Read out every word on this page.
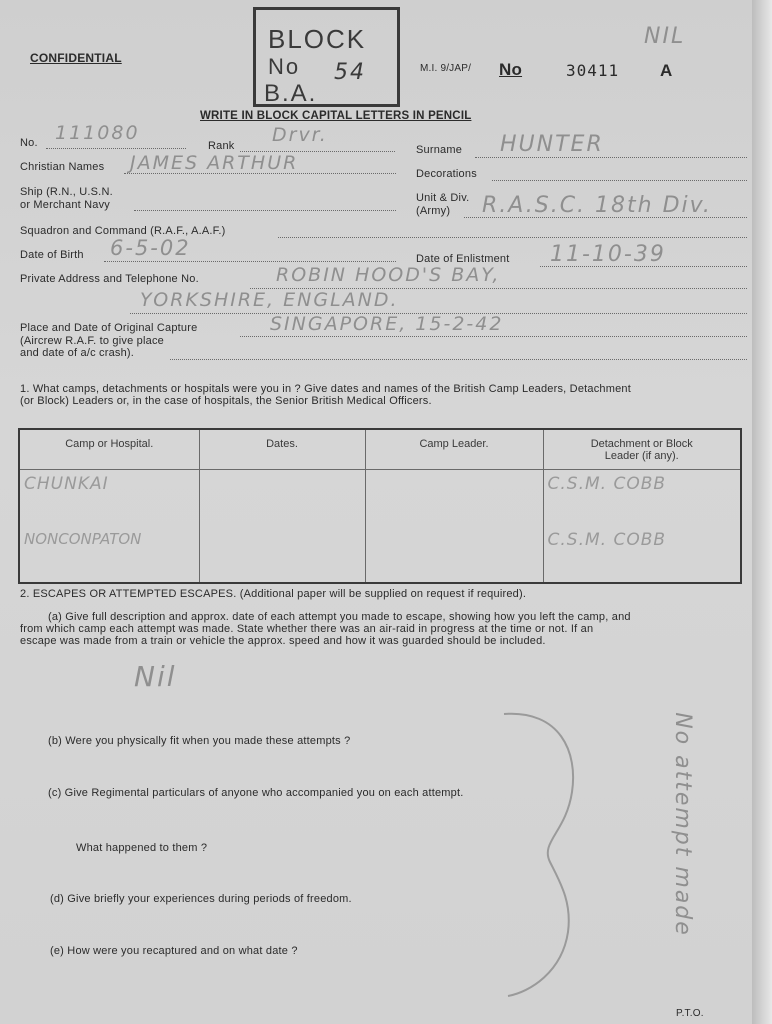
CONFIDENTIAL
BLOCK
No 54
B.A.
M.I. 9/JAP/ No	30411 A
NIL
WRITE IN BLOCK CAPITAL LETTERS IN PENCIL
No. 111080
Rank Drvr.
Surname HUNTER
Christian Names JAMES ARTHUR	Decorations
Ship (R.N., U.S.N.
or Merchant Navy
Unit & Div.
(Army) R.A.S.C. 18th Div.
Squadron and Command (R.A.F., A.A.F.)
Date of Birth 6-5-02	Date of Enlistment 11-10-39
Private Address and Telephone No.	ROBIN HOOD'S BAY,
YORKSHIRE, ENGLAND.
Place and Date of Original Capture
(Aircrew R.A.F. to give place
and date of a/c crash).
SINGAPORE, 15-2-42
1. What camps, detachments or hospitals were you in ? Give dates and names of the British Camp Leaders, Detachment
(or Block) Leaders or, in the case of hospitals, the Senior British Medical Officers.
Camp or Hospital.	Dates.	Camp Leader.	Detachment or Block Leader (if any).
CHUNKAI			C.S.M. COBB
NONCONPATON			C.S.M. COBB
2. ESCAPES OR ATTEMPTED ESCAPES. (Additional paper will be supplied on request if required).
(a) Give full description and approx. date of each attempt you made to escape, showing how you left the camp, and
from which camp each attempt was made. State whether there was an air-raid in progress at the time or not. If an
escape was made from a train or vehicle the approx. speed and how it was guarded should be included.
Nil
(b) Were you physically fit when you made these attempts ?
(c) Give Regimental particulars of anyone who accompanied you on each attempt.
What happened to them ?
(d) Give briefly your experiences during periods of freedom.
(e) How were you recaptured and on what date ?
No attempt made
P.T.O.
